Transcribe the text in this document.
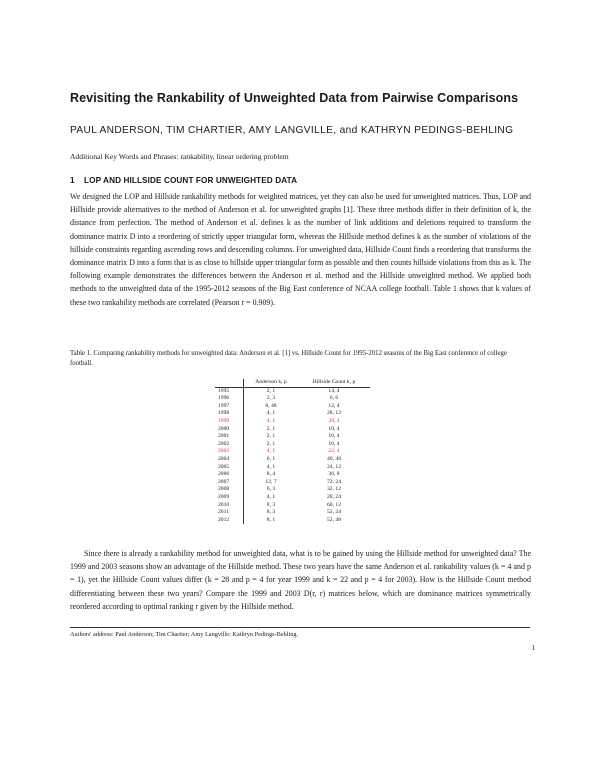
Revisiting the Rankability of Unweighted Data from Pairwise Comparisons
PAUL ANDERSON, TIM CHARTIER, AMY LANGVILLE, and KATHRYN PEDINGS-BEHLING
Additional Key Words and Phrases: rankability, linear ordering problem
1 LOP AND HILLSIDE COUNT FOR UNWEIGHTED DATA
We designed the LOP and Hillside rankability methods for weighted matrices, yet they can also be used for unweighted matrices. Thus, LOP and Hillside provide alternatives to the method of Anderson et al. for unweighted graphs [1]. These three methods differ in their definition of k, the distance from perfection. The method of Anderson et al. defines k as the number of link additions and deletions required to transform the dominance matrix D into a reordering of strictly upper triangular form, whereas the Hillside method defines k as the number of violations of the hillside constraints regarding ascending rows and descending columns. For unweighted data, Hillside Count finds a reordering that transforms the dominance matrix D into a form that is as close to hillside upper triangular form as possible and then counts hillside violations from this as k. The following example demonstrates the differences between the Anderson et al. method and the Hillside unweighted method. We applied both methods to the unweighted data of the 1995-2012 seasons of the Big East conference of NCAA college football. Table 1 shows that k values of these two rankability methods are correlated (Pearson r = 0.909).
Table 1. Comparing rankability methods for unweighted data: Anderson et al. [1] vs. Hillside Count for 1995-2012 seasons of the Big East conference of college football.
	Anderson k, p	Hillside Count k, p
1995	2, 1	14, 4
1996	2, 3	6, 6
1997	8, 48	12, 4
1998	4, 1	28, 12
1999	4, 1	28, 4
2000	2, 1	10, 4
2001	2, 1	10, 4
2002	2, 1	10, 4
2003	4, 1	22, 4
2004	6, 1	40, 48
2005	4, 1	24, 12
2006	8, 4	36, 8
2007	12, 7	72, 24
2008	6, 3	32, 12
2009	4, 1	28, 24
2010	8, 3	60, 12
2011	8, 3	52, 24
2012	8, 1	52, 48
Since there is already a rankability method for unweighted data, what is to be gained by using the Hillside method for unweighted data? The 1999 and 2003 seasons show an advantage of the Hillside method. These two years have the same Anderson et al. rankability values (k = 4 and p = 1), yet the Hillside Count values differ (k = 28 and p = 4 for year 1999 and k = 22 and p = 4 for 2003). How is the Hillside Count method differentiating between these two years? Compare the 1999 and 2003 D(r, r) matrices below, which are dominance matrices symmetrically reordered according to optimal ranking r given by the Hillside method.
Authors' address: Paul Anderson; Tim Chartier; Amy Langville; Kathryn Pedings-Behling.
1
